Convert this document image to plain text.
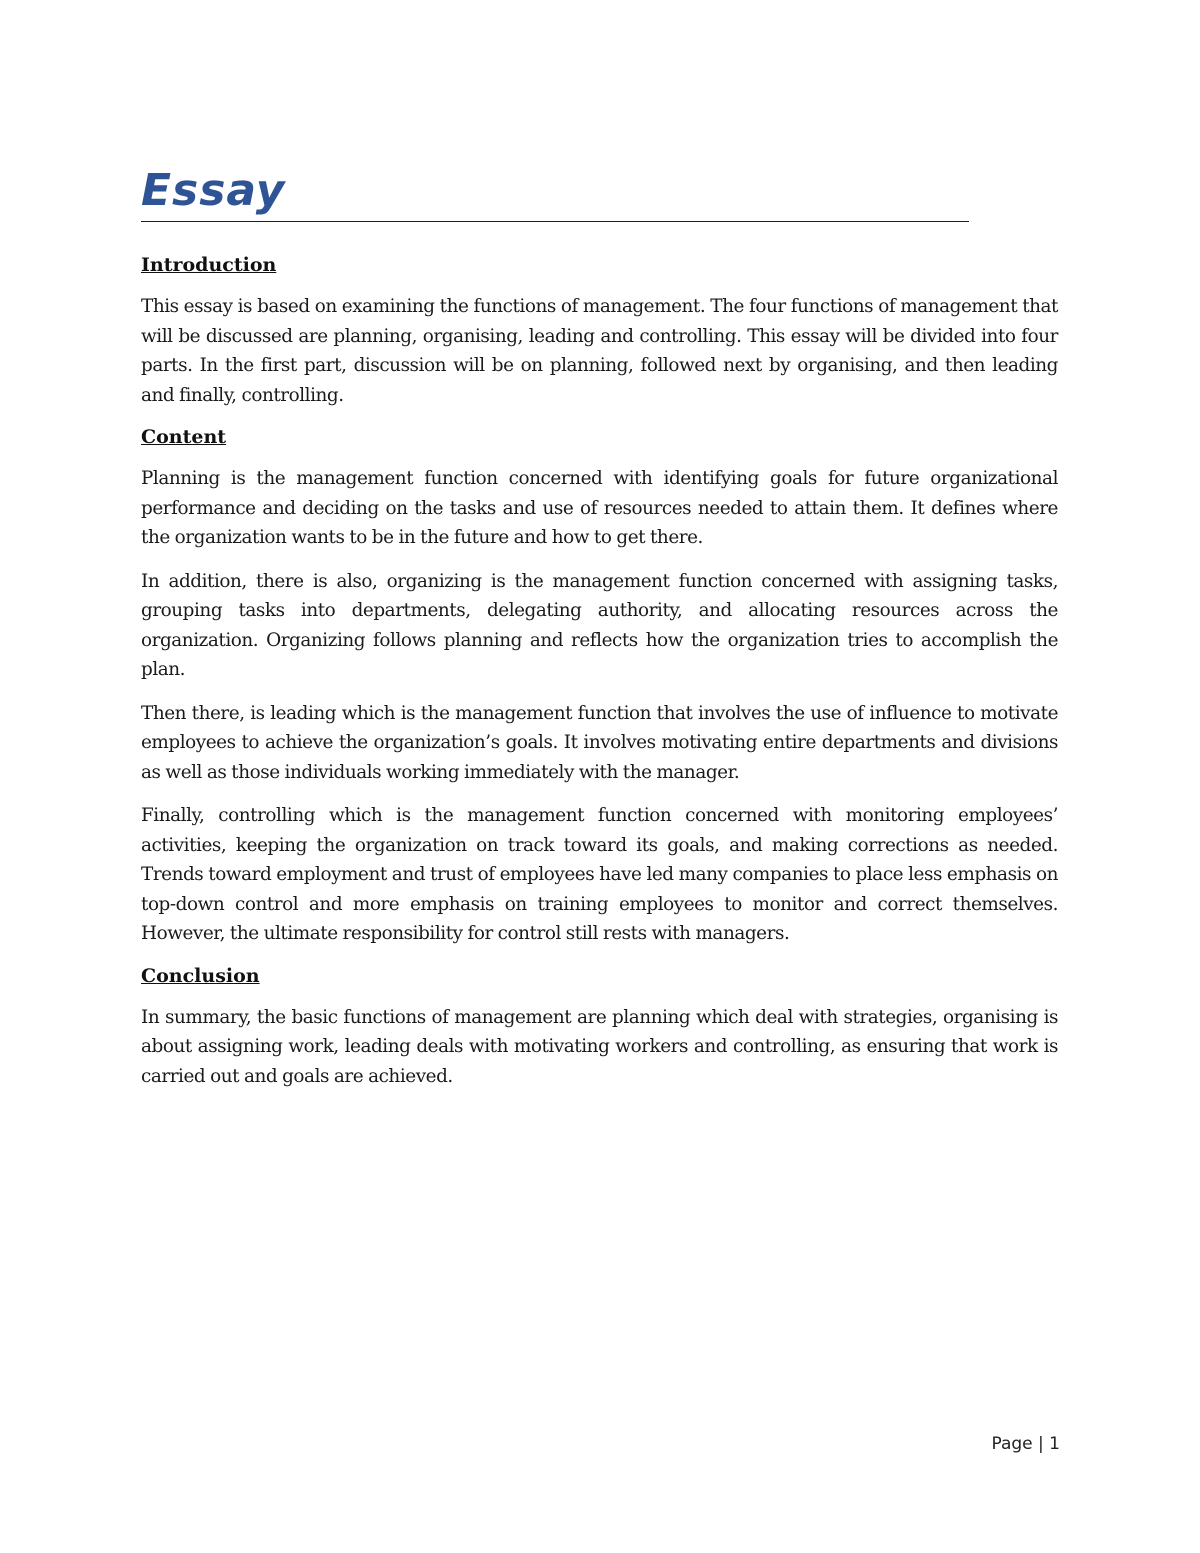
Essay
Introduction

This essay is based on examining the functions of management. The four functions of management that will be discussed are planning, organising, leading and controlling. This essay will be divided into four parts. In the first part, discussion will be on planning, followed next by organising, and then leading and finally, controlling.

Content

Planning is the management function concerned with identifying goals for future organizational performance and deciding on the tasks and use of resources needed to attain them. It defines where the organization wants to be in the future and how to get there.

In addition, there is also, organizing is the management function concerned with assigning tasks, grouping tasks into departments, delegating authority, and allocating resources across the organization. Organizing follows planning and reflects how the organization tries to accomplish the plan.

Then there, is leading which is the management function that involves the use of influence to motivate employees to achieve the organization’s goals. It involves motivating entire departments and divisions as well as those individuals working immediately with the manager.

Finally, controlling which is the management function concerned with monitoring employees’ activities, keeping the organization on track toward its goals, and making corrections as needed. Trends toward employment and trust of employees have led many companies to place less emphasis on top-down control and more emphasis on training employees to monitor and correct themselves. However, the ultimate responsibility for control still rests with managers.

Conclusion

In summary, the basic functions of management are planning which deal with strategies, organising is about assigning work, leading deals with motivating workers and controlling, as ensuring that work is carried out and goals are achieved.

Page | 1
